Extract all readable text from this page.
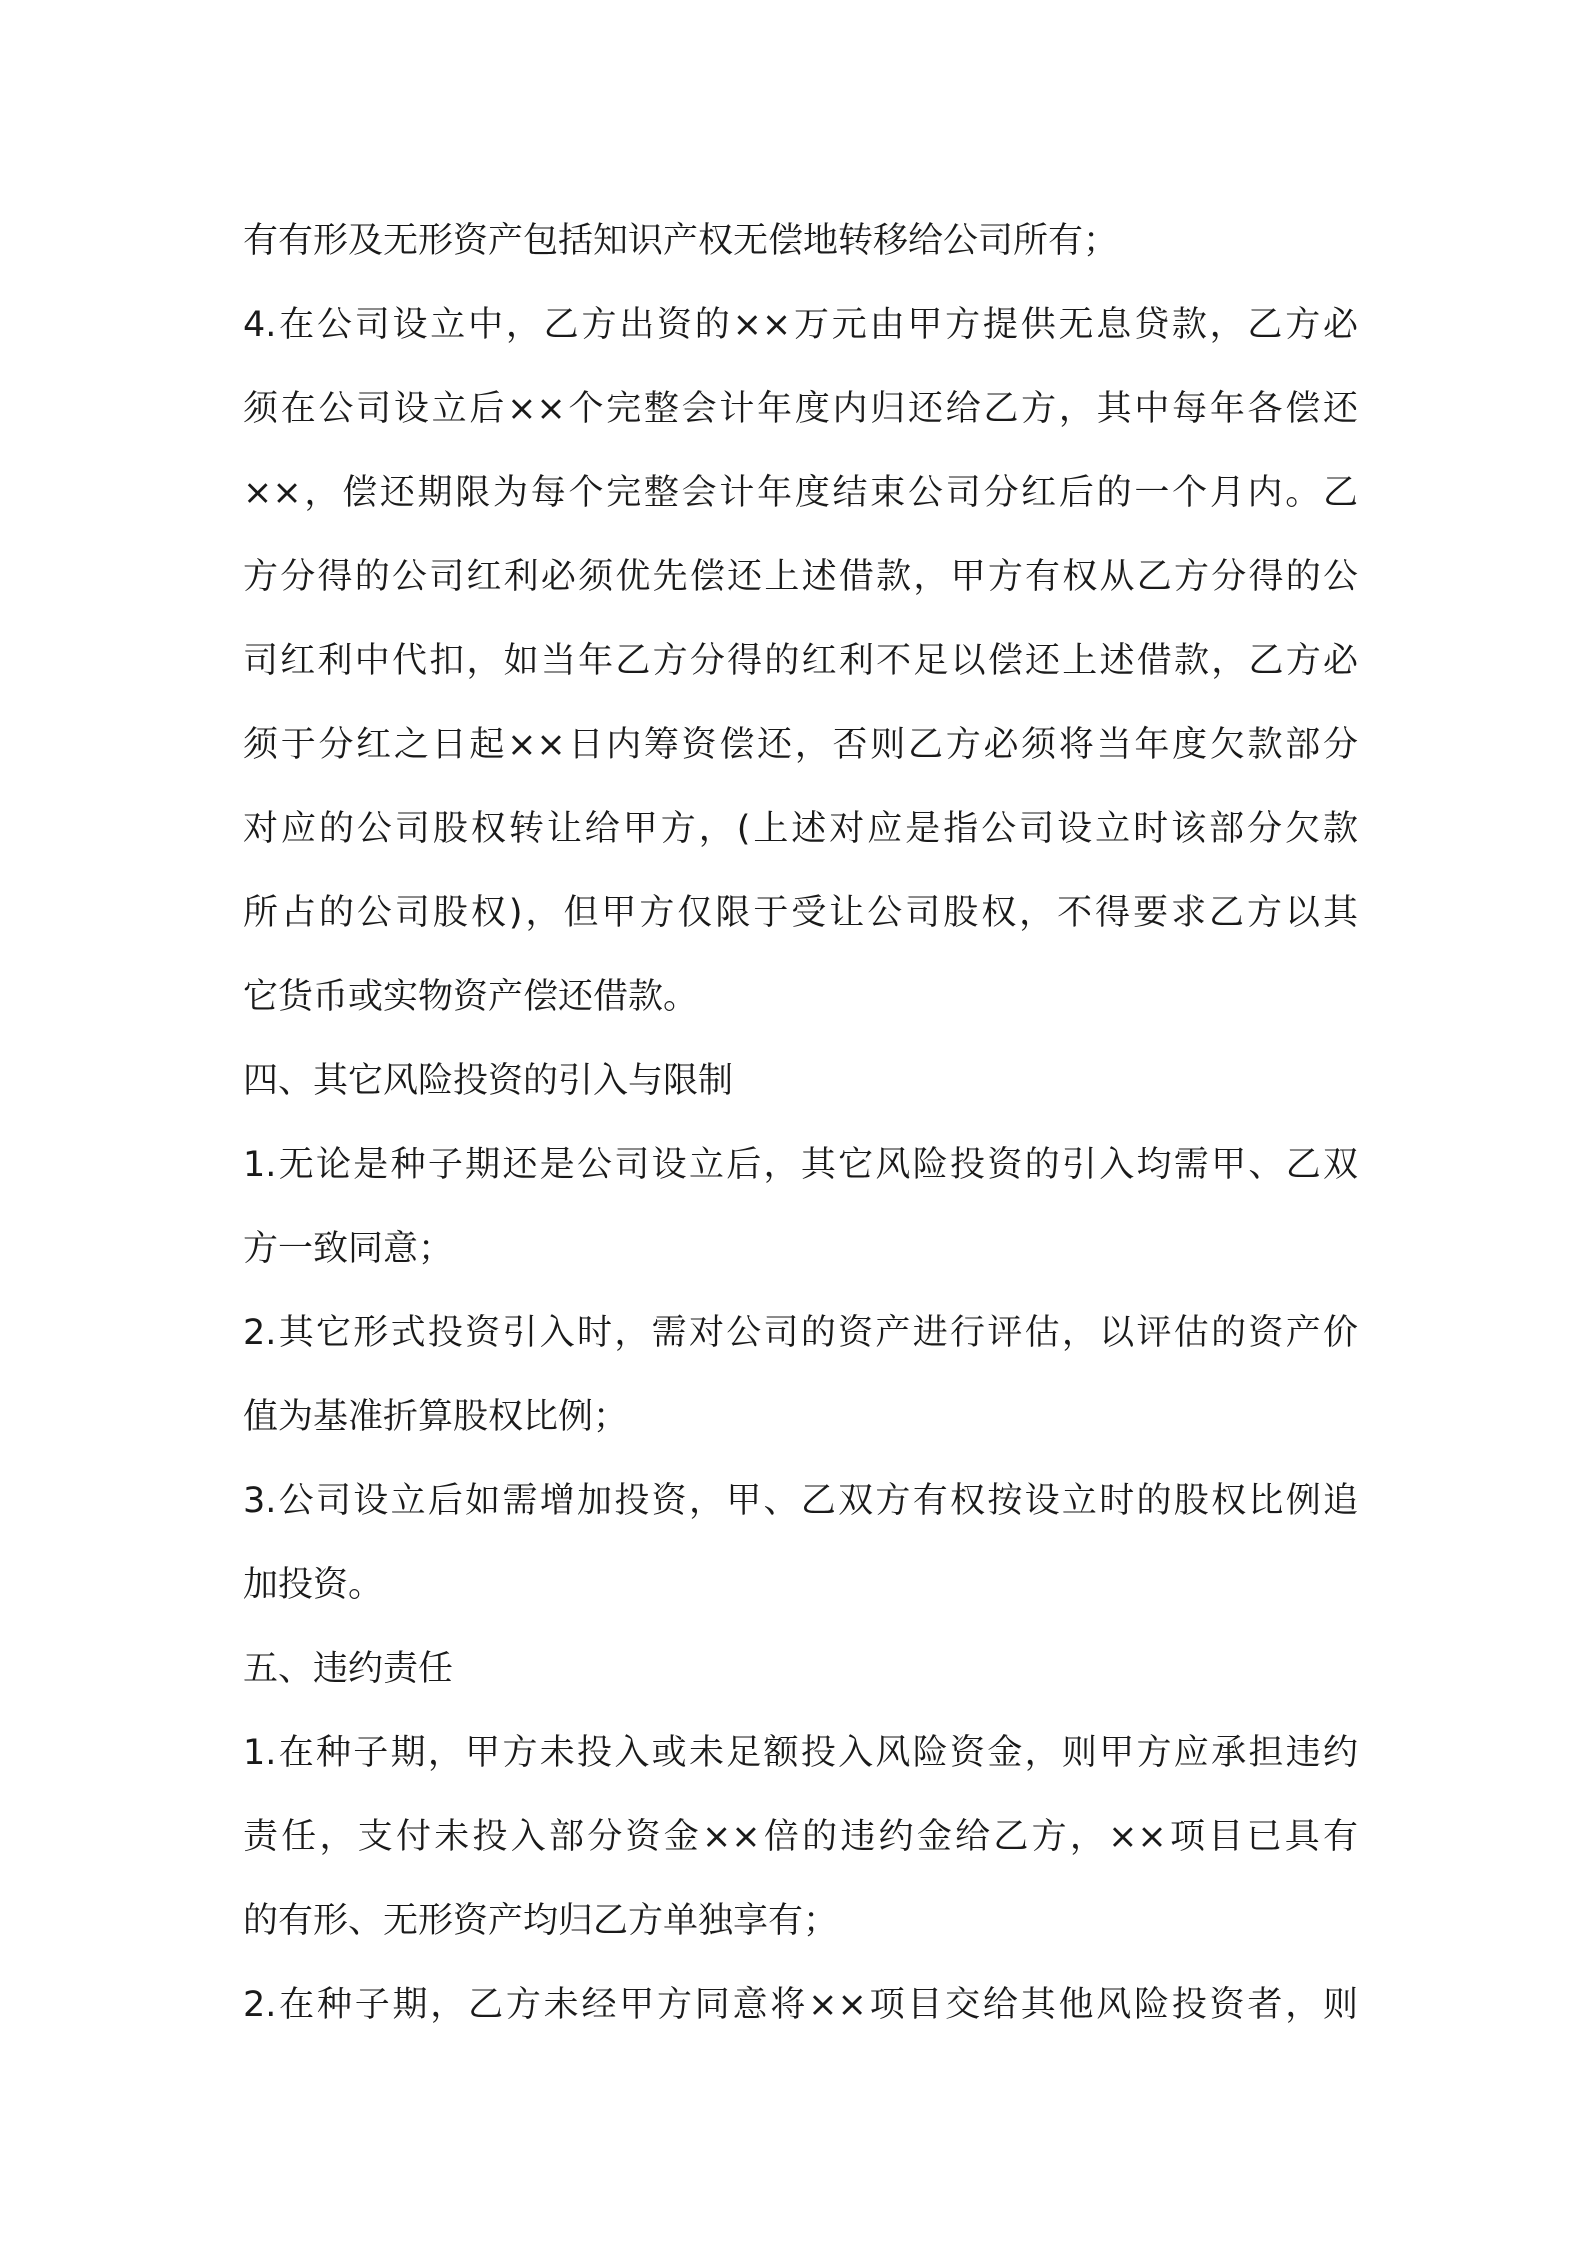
有有形及无形资产包括知识产权无偿地转移给公司所有；
4.在公司设立中，乙方出资的××万元由甲方提供无息贷款，乙方必
须在公司设立后××个完整会计年度内归还给乙方，其中每年各偿还
××，偿还期限为每个完整会计年度结束公司分红后的一个月内。乙
方分得的公司红利必须优先偿还上述借款，甲方有权从乙方分得的公
司红利中代扣，如当年乙方分得的红利不足以偿还上述借款，乙方必
须于分红之日起××日内筹资偿还，否则乙方必须将当年度欠款部分
对应的公司股权转让给甲方，(上述对应是指公司设立时该部分欠款
所占的公司股权)，但甲方仅限于受让公司股权，不得要求乙方以其
它货币或实物资产偿还借款。
四、其它风险投资的引入与限制
1.无论是种子期还是公司设立后，其它风险投资的引入均需甲、乙双
方一致同意；
2.其它形式投资引入时，需对公司的资产进行评估，以评估的资产价
值为基准折算股权比例；
3.公司设立后如需增加投资，甲、乙双方有权按设立时的股权比例追
加投资。
五、违约责任
1.在种子期，甲方未投入或未足额投入风险资金，则甲方应承担违约
责任，支付未投入部分资金××倍的违约金给乙方，××项目已具有
的有形、无形资产均归乙方单独享有；
2.在种子期，乙方未经甲方同意将××项目交给其他风险投资者，则
